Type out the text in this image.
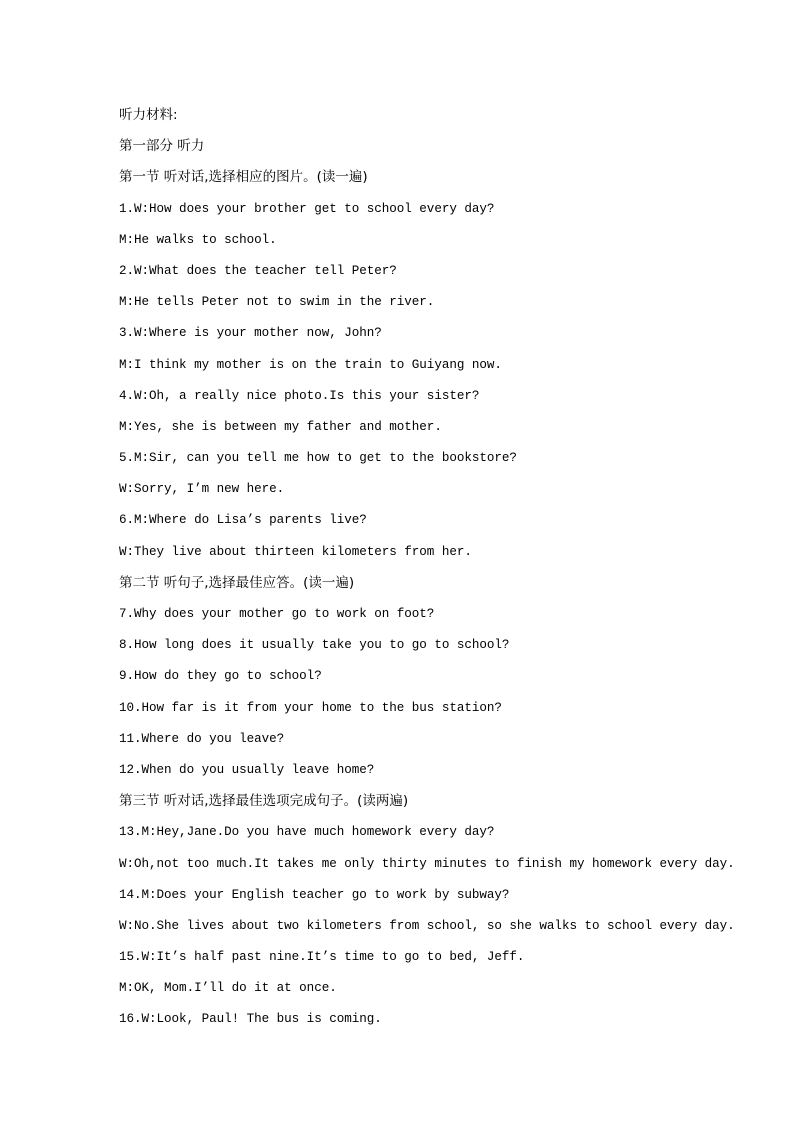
听力材料:
第一部分 听力
第一节 听对话,选择相应的图片。(读一遍)
1.W:How does your brother get to school every day?
M:He walks to school.
2.W:What does the teacher tell Peter?
M:He tells Peter not to swim in the river.
3.W:Where is your mother now, John?
M:I think my mother is on the train to Guiyang now.
4.W:Oh, a really nice photo.Is this your sister?
M:Yes, she is between my father and mother.
5.M:Sir, can you tell me how to get to the bookstore?
W:Sorry, I’m new here.
6.M:Where do Lisa’s parents live?
W:They live about thirteen kilometers from her.
第二节 听句子,选择最佳应答。(读一遍)
7.Why does your mother go to work on foot?
8.How long does it usually take you to go to school?
9.How do they go to school?
10.How far is it from your home to the bus station?
11.Where do you leave?
12.When do you usually leave home?
第三节 听对话,选择最佳选项完成句子。(读两遍)
13.M:Hey,Jane.Do you have much homework every day?
W:Oh,not too much.It takes me only thirty minutes to finish my homework every day.
14.M:Does your English teacher go to work by subway?
W:No.She lives about two kilometers from school, so she walks to school every day.
15.W:It’s half past nine.It’s time to go to bed, Jeff.
M:OK, Mom.I’ll do it at once.
16.W:Look, Paul! The bus is coming.
